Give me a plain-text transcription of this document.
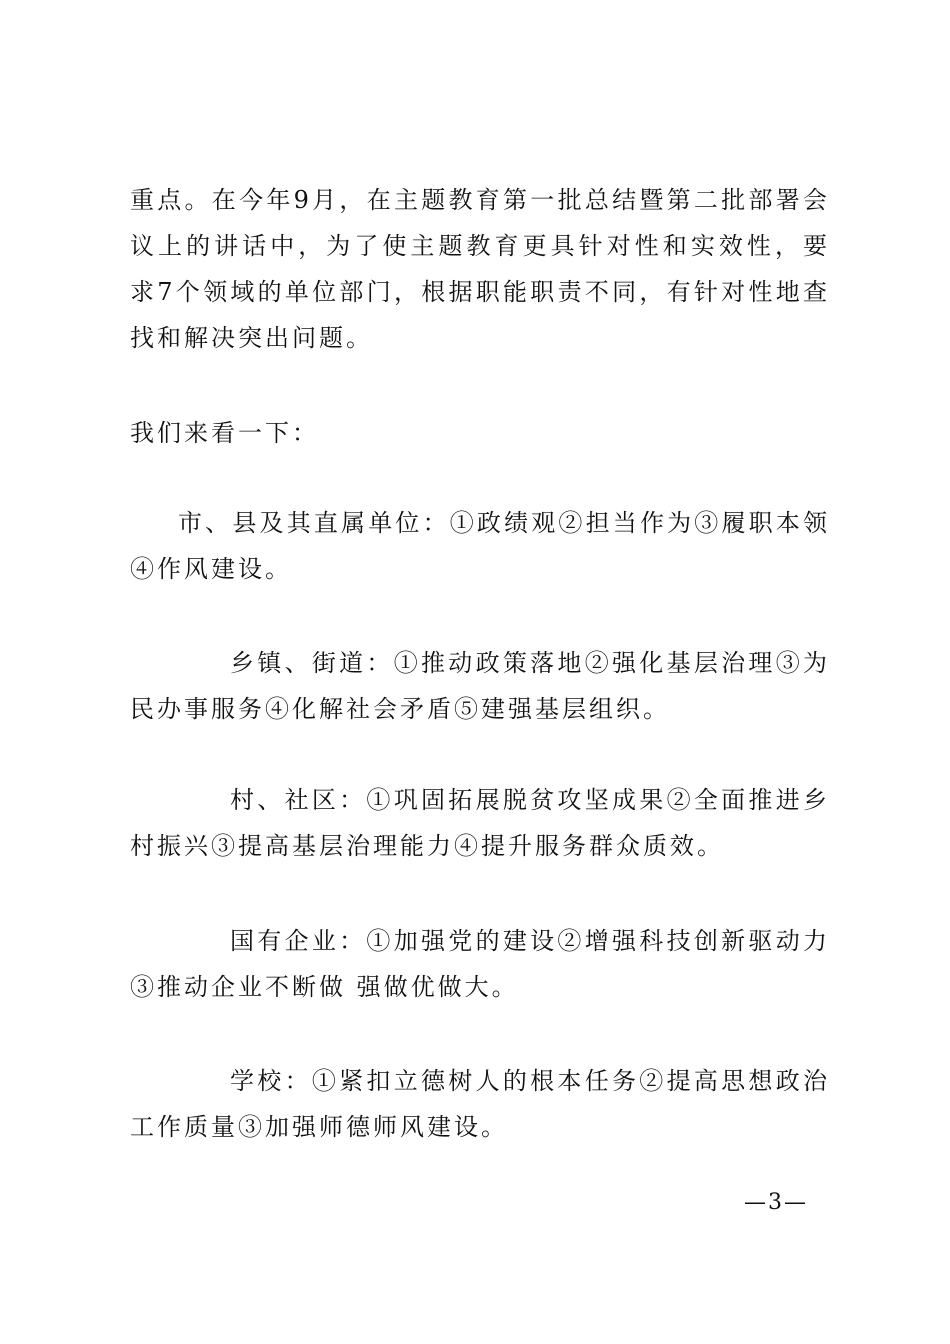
重点。在今年9月，在主题教育第一批总结暨第二批部署会议上的讲话中，为了使主题教育更具针对性和实效性，要求7个领域的单位部门，根据职能职责不同，有针对性地查找和解决突出问题。

我们来看一下：

市、县及其直属单位：①政绩观②担当作为③履职本领④作风建设。

乡镇、街道：①推动政策落地②强化基层治理③为民办事服务④化解社会矛盾⑤建强基层组织。

村、社区：①巩固拓展脱贫攻坚成果②全面推进乡村振兴③提高基层治理能力④提升服务群众质效。

国有企业：①加强党的建设②增强科技创新驱动力③推动企业不断做 强做优做大。

学校：①紧扣立德树人的根本任务②提高思想政治工作质量③加强师德师风建设。

—3—
